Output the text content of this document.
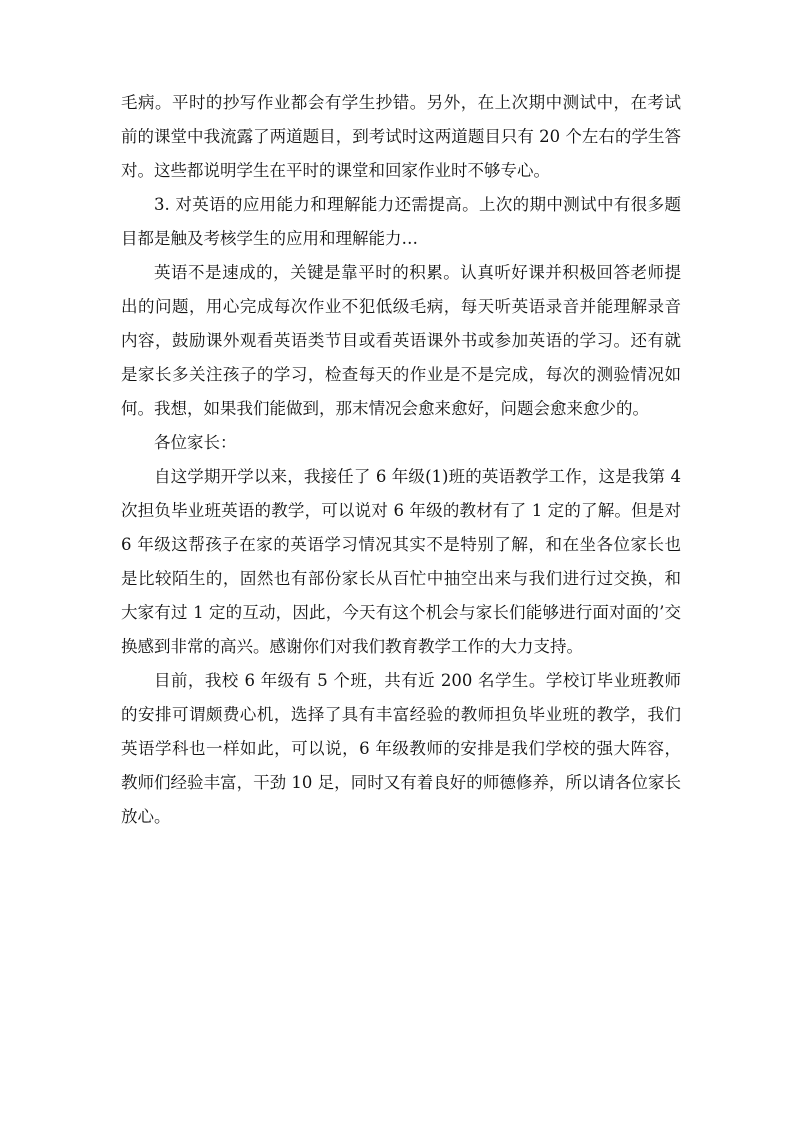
毛病。平时的抄写作业都会有学生抄错。另外，在上次期中测试中，在考试前的课堂中我流露了两道题目，到考试时这两道题目只有 20 个左右的学生答对。这些都说明学生在平时的课堂和回家作业时不够专心。

3. 对英语的应用能力和理解能力还需提高。上次的期中测试中有很多题目都是触及考核学生的应用和理解能力…

英语不是速成的，关键是靠平时的积累。认真听好课并积极回答老师提出的问题，用心完成每次作业不犯低级毛病，每天听英语录音并能理解录音内容，鼓励课外观看英语类节目或看英语课外书或参加英语的学习。还有就是家长多关注孩子的学习，检查每天的作业是不是完成，每次的测验情况如何。我想，如果我们能做到，那末情况会愈来愈好，问题会愈来愈少的。

各位家长：

自这学期开学以来，我接任了 6 年级(1)班的英语教学工作，这是我第 4 次担负毕业班英语的教学，可以说对 6 年级的教材有了 1 定的了解。但是对 6 年级这帮孩子在家的英语学习情况其实不是特别了解，和在坐各位家长也是比较陌生的，固然也有部份家长从百忙中抽空出来与我们进行过交换，和大家有过 1 定的互动，因此，今天有这个机会与家长们能够进行面对面的’交换感到非常的高兴。感谢你们对我们教育教学工作的大力支持。

目前，我校 6 年级有 5 个班，共有近 200 名学生。学校订毕业班教师的安排可谓颇费心机，选择了具有丰富经验的教师担负毕业班的教学，我们英语学科也一样如此，可以说，6 年级教师的安排是我们学校的强大阵容，教师们经验丰富，干劲 10 足，同时又有着良好的师德修养，所以请各位家长放心。
